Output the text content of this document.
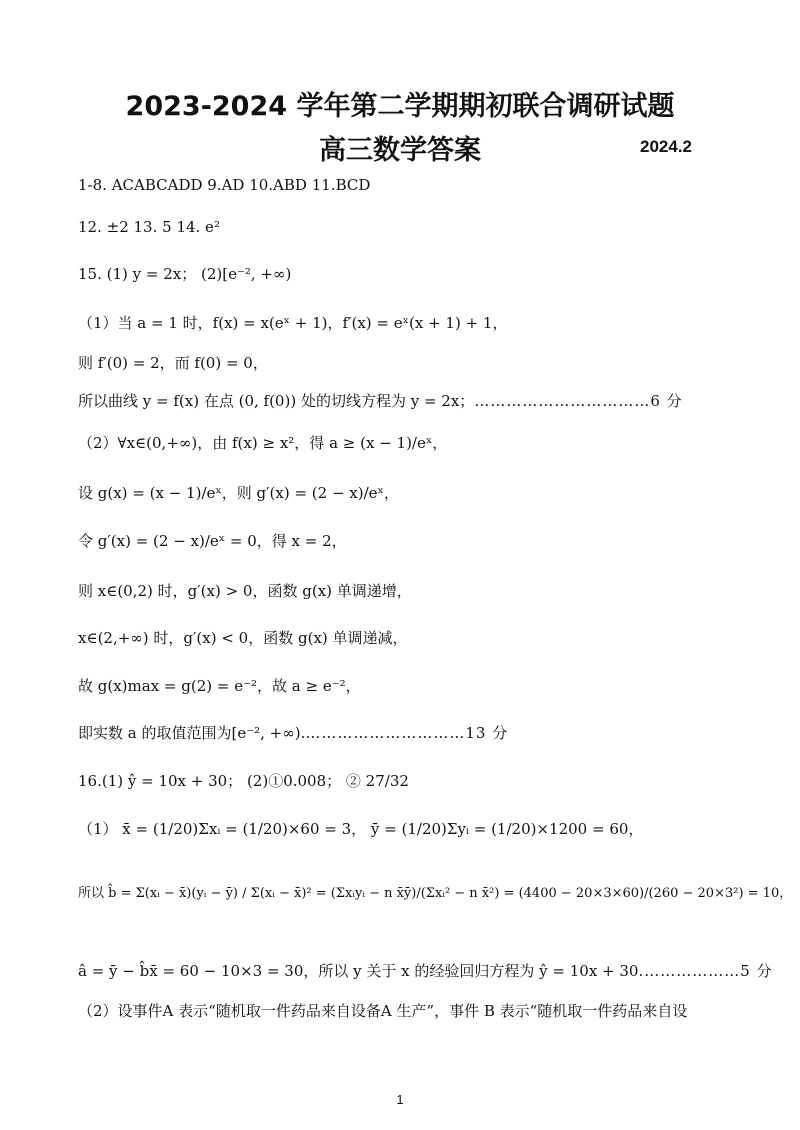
2023-2024 学年第二学期期初联合调研试题
高三数学答案	2024.2
1-8. ACABCADD 9.AD 10.ABD 11.BCD
12. ±2 13. 5 14. e²
15. (1) y = 2x； (2)[e⁻², +∞)
（1）当 a = 1 时，f(x) = x(eˣ + 1)，f′(x) = eˣ(x + 1) + 1，
则 f′(0) = 2，而 f(0) = 0，
所以曲线 y = f(x) 在点 (0, f(0)) 处的切线方程为 y = 2x；……………………………6 分
（2）∀x∈(0,+∞)，由 f(x) ≥ x²，得 a ≥ (x − 1)/eˣ，
设 g(x) = (x − 1)/eˣ，则 g′(x) = (2 − x)/eˣ，
令 g′(x) = (2 − x)/eˣ = 0，得 x = 2，
则 x∈(0,2) 时，g′(x) > 0，函数 g(x) 单调递增，
x∈(2,+∞) 时，g′(x) < 0，函数 g(x) 单调递减，
故 g(x)max = g(2) = e⁻²，故 a ≥ e⁻²，
即实数 a 的取值范围为[e⁻², +∞).…………………………13 分
16.(1) ŷ = 10x + 30； (2)①0.008； ② 27/32
（1） x̄ = (1/20)Σxᵢ = (1/20)×60 = 3， ȳ = (1/20)Σyᵢ = (1/20)×1200 = 60，
所以 b̂ = Σ(xᵢ − x̄)(yᵢ − ȳ) / Σ(xᵢ − x̄)² = (Σxᵢyᵢ − n x̄ȳ)/(Σxᵢ² − n x̄²) = (4400 − 20×3×60)/(260 − 20×3²) = 10，
â = ȳ − b̂x̄ = 60 − 10×3 = 30，所以 y 关于 x 的经验回归方程为 ŷ = 10x + 30.………………5 分
（2）设事件A 表示“随机取一件药品来自设备A 生产”，事件 B 表示“随机取一件药品来自设
1
